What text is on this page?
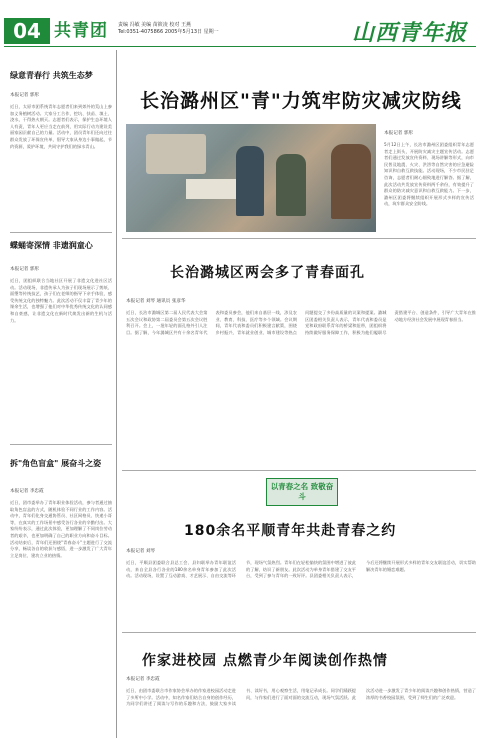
04 共青团 责编 冯敏 美编 苗筱凌 校对 王燕
Tel:0351-4075866 2005年5月13日 星期一	山西青年报
绿意青春行 共筑生态梦
本报记者 郭彤
近日，太原市团系统青年志愿者们来到郊外的荒山上参加义务植树活动。大家分工合作，挖坑、扶苗、填土、浇水，干得热火朝天。志愿者们表示，保护生态环境人人有责，青年人更应当走在前列，用实际行动为建设美丽家园贡献自己的力量。活动中，团员青年们还向过往群众发放了环保宣传单，倡导大家从身边小事做起，节约资源，爱护环境，共同守护我们的绿水青山。
蝶蛹寄深情 非遗润童心
本报记者 郭彤
近日，团组织联合当地社区开展了非遗文化进社区活动。活动现场，非遗传承人为孩子们现场展示了剪纸、面塑等传统技艺，孩子们在老师的指导下亲手体验，感受传统文化的独特魅力。此次活动不仅丰富了青少年的课余生活，也增强了他们对中华优秀传统文化的认同感和自豪感，让非遗文化在新时代焕发出新的生机与活力。
拆"角色盲盒" 展奋斗之姿
本报记者 李忠霞
近日，团市委举办了青年职业体验活动，参与者通过抽取角色盲盒的方式，随机体验不同行业的工作内容。活动中，青年们化身交通协管员、社区网格员、快递小哥等，在真实的工作场景中感受各行各业的辛勤付出。大家纷纷表示，通过此次体验，更加理解了不同岗位劳动者的艰辛，也更加明确了自己的职业方向和奋斗目标。活动结束后，青年们还围绕"青春奋斗"主题进行了交流分享，畅谈各自的收获与感悟，进一步激发了广大青年立足岗位、建功立业的热情。
长治潞州区"青"力筑牢防灾减灾防线
本报记者 郭彤
5月12日上午，长治市潞州区团委组织青年志愿者走上街头，开展防灾减灾主题宣传活动。志愿者们通过发放宣传资料、现场讲解等形式，向市民普及地震、火灾、洪涝等自然灾害的应急避险知识和自救互救技能。活动现场，不少市民驻足咨询，志愿者们耐心细致地进行解答。据了解，此次活动共发放宣传资料两千余份，有效提升了群众的防灾减灾意识和自救互救能力。下一步，潞州区团委将继续组织开展形式多样的宣传活动，筑牢群众安全防线。
长治潞城区两会多了青春面孔
本报记者 刘琴 通讯员 张彦华
近日，长治市潞城区第二届人民代表大会第五次会议和政协第二届委员会第五次会议胜利召开。会上，一批年轻的面孔格外引人注目。据了解，今年潞城区共有十余名青年代表和委员参会，他们来自基层一线，涉及农业、教育、科技、医疗等多个领域。会议期间，青年代表和委员们积极建言献策，围绕乡村振兴、青年就业创业、城市建设等热点问题提交了多份高质量的议案和提案。潞城区团委相关负责人表示，青年代表和委员是党和政府联系青年的桥梁和纽带，团组织将持续做好服务保障工作，积极为他们履职尽责搭建平台、创造条件，引导广大青年在推动地方经济社会发展中展现青春担当。
以青春之名 致敬奋斗
180余名平顺青年共赴青春之约
本报记者 刘琴
近日，平顺县团委联合县总工会、县妇联举办青年联谊活动，来自全县各行各业的180余名单身青年参加了此次活动。活动现场，设置了互动游戏、才艺展示、自由交流等环节，现场气氛热烈。青年们在轻松愉快的氛围中增进了彼此的了解，结识了新朋友。此次活动为单身青年搭建了交友平台，受到了参与青年的一致好评。县团委相关负责人表示，今后还将继续开展形式多样的青年交友联谊活动，切实帮助解决青年的婚恋难题。
作家进校园 点燃青少年阅读创作热情
本报记者 李忠霞
近日，由团市委联合市作家协会举办的作家进校园活动走进了多所中小学。活动中，知名作家们结合自身的创作经历，为同学们讲述了阅读与写作的乐趣和方法，鼓励大家多读书、读好书，用心观察生活，用笔记录成长。同学们踊跃提问，与作家们进行了面对面的交流互动，现场气氛活跃。此次活动进一步激发了青少年的阅读兴趣和创作热情，营造了浓厚的书香校园氛围，受到了师生们的广泛欢迎。
